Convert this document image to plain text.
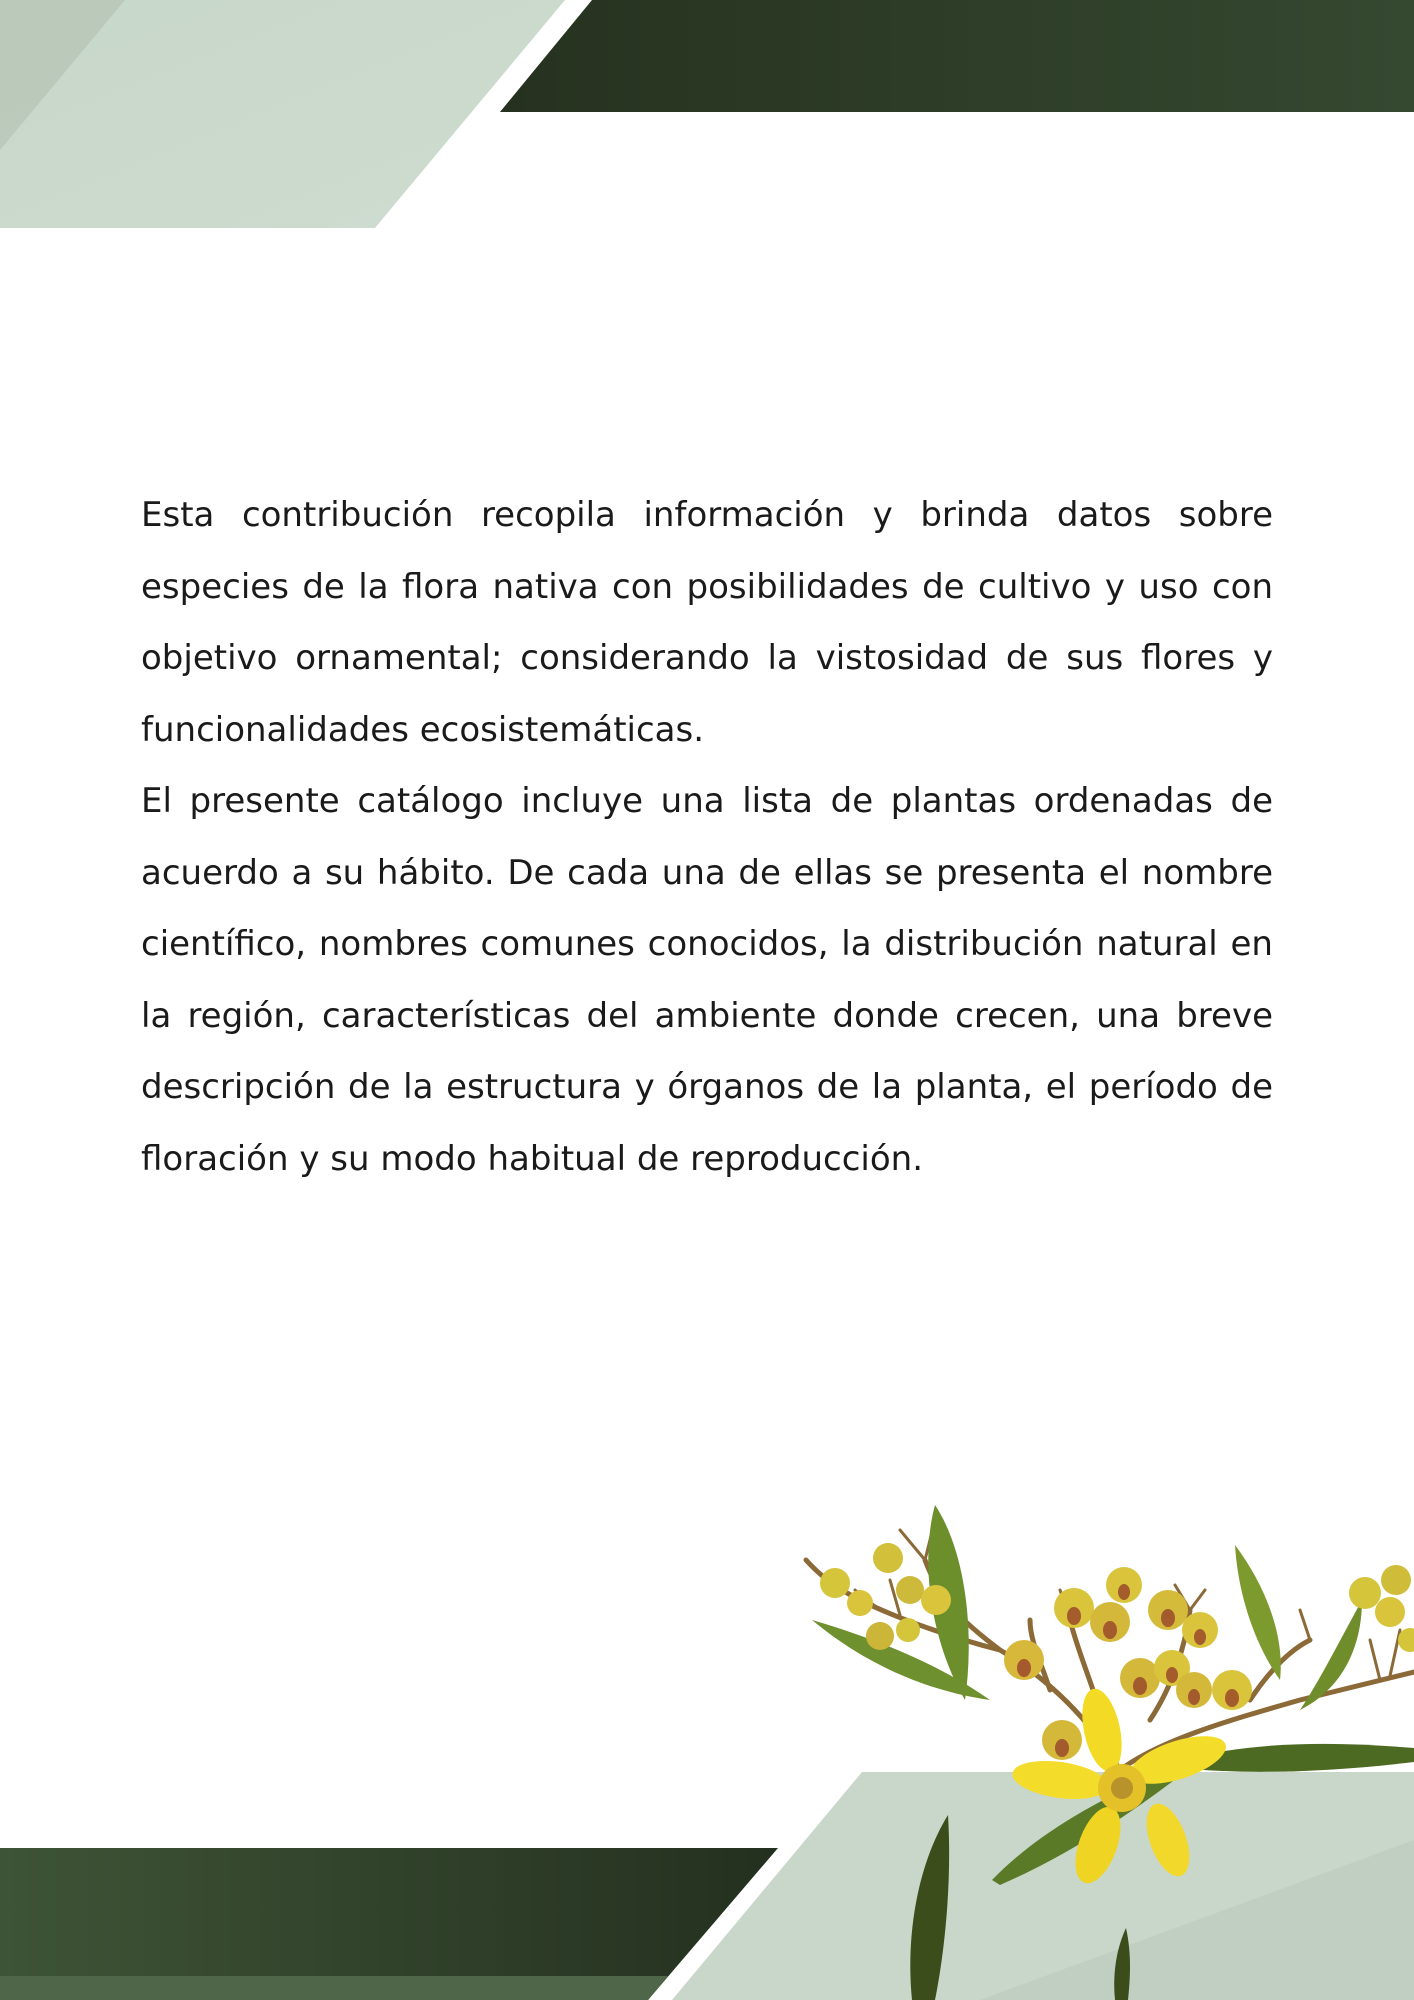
Esta contribución recopila información y brinda datos sobre especies de la flora nativa con posibilidades de cultivo y uso con objetivo ornamental; considerando la vistosidad de sus flores y funcionalidades ecosistemáticas.

El presente catálogo incluye una lista de plantas ordenadas de acuerdo a su hábito. De cada una de ellas se presenta el nombre científico, nombres comunes conocidos, la distribución natural en la región, características del ambiente donde crecen, una breve descripción de la estructura y órganos de la planta, el período de floración y su modo habitual de reproducción.
